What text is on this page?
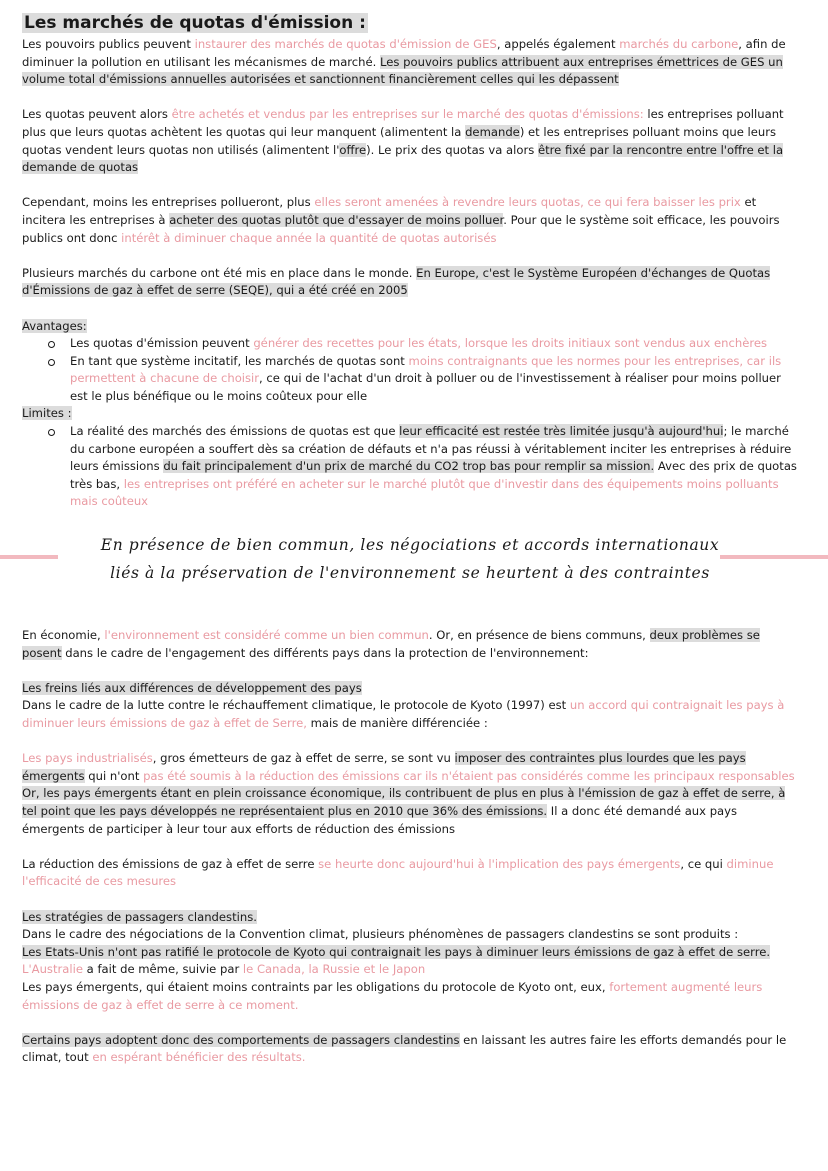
Les marchés de quotas d'émission :

Les pouvoirs publics peuvent instaurer des marchés de quotas d'émission de GES, appelés également marchés du carbone, afin de diminuer la pollution en utilisant les mécanismes de marché. Les pouvoirs publics attribuent aux entreprises émettrices de GES un volume total d'émissions annuelles autorisées et sanctionnent financièrement celles qui les dépassent

Les quotas peuvent alors être achetés et vendus par les entreprises sur le marché des quotas d'émissions: les entreprises polluant plus que leurs quotas achètent les quotas qui leur manquent (alimentent la demande) et les entreprises polluant moins que leurs quotas vendent leurs quotas non utilisés (alimentent l'offre). Le prix des quotas va alors être fixé par la rencontre entre l'offre et la demande de quotas

Cependant, moins les entreprises pollueront, plus elles seront amenées à revendre leurs quotas, ce qui fera baisser les prix et incitera les entreprises à acheter des quotas plutôt que d'essayer de moins polluer. Pour que le système soit efficace, les pouvoirs publics ont donc intérêt à diminuer chaque année la quantité de quotas autorisés

Plusieurs marchés du carbone ont été mis en place dans le monde. En Europe, c'est le Système Européen d'échanges de Quotas d'Émissions de gaz à effet de serre (SEQE), qui a été créé en 2005

Avantages:

Les quotas d'émission peuvent générer des recettes pour les états, lorsque les droits initiaux sont vendus aux enchères
En tant que système incitatif, les marchés de quotas sont moins contraignants que les normes pour les entreprises, car ils permettent à chacune de choisir, ce qui de l'achat d'un droit à polluer ou de l'investissement à réaliser pour moins polluer est le plus bénéfique ou le moins coûteux pour elle

Limites :

La réalité des marchés des émissions de quotas est que leur efficacité est restée très limitée jusqu'à aujourd'hui; le marché du carbone européen a souffert dès sa création de défauts et n'a pas réussi à véritablement inciter les entreprises à réduire leurs émissions du fait principalement d'un prix de marché du CO2 trop bas pour remplir sa mission. Avec des prix de quotas très bas, les entreprises ont préféré en acheter sur le marché plutôt que d'investir dans des équipements moins polluants mais coûteux
En présence de bien commun, les négociations et accords internationaux
liés à la préservation de l'environnement se heurtent à des contraintes

En économie, l'environnement est considéré comme un bien commun. Or, en présence de biens communs, deux problèmes se posent dans le cadre de l'engagement des différents pays dans la protection de l'environnement:

Les freins liés aux différences de développement des pays

Dans le cadre de la lutte contre le réchauffement climatique, le protocole de Kyoto (1997) est un accord qui contraignait les pays à diminuer leurs émissions de gaz à effet de Serre, mais de manière différenciée :

Les pays industrialisés, gros émetteurs de gaz à effet de serre, se sont vu imposer des contraintes plus lourdes que les pays émergents qui n'ont pas été soumis à la réduction des émissions car ils n'étaient pas considérés comme les principaux responsables
Or, les pays émergents étant en plein croissance économique, ils contribuent de plus en plus à l'émission de gaz à effet de serre, à tel point que les pays développés ne représentaient plus en 2010 que 36% des émissions. Il a donc été demandé aux pays émergents de participer à leur tour aux efforts de réduction des émissions

La réduction des émissions de gaz à effet de serre se heurte donc aujourd'hui à l'implication des pays émergents, ce qui diminue l'efficacité de ces mesures

Les stratégies de passagers clandestins.

Dans le cadre des négociations de la Convention climat, plusieurs phénomènes de passagers clandestins se sont produits :
Les Etats-Unis n'ont pas ratifié le protocole de Kyoto qui contraignait les pays à diminuer leurs émissions de gaz à effet de serre.
L'Australie a fait de même, suivie par le Canada, la Russie et le Japon
Les pays émergents, qui étaient moins contraints par les obligations du protocole de Kyoto ont, eux, fortement augmenté leurs émissions de gaz à effet de serre à ce moment.

Certains pays adoptent donc des comportements de passagers clandestins en laissant les autres faire les efforts demandés pour le climat, tout en espérant bénéficier des résultats.
